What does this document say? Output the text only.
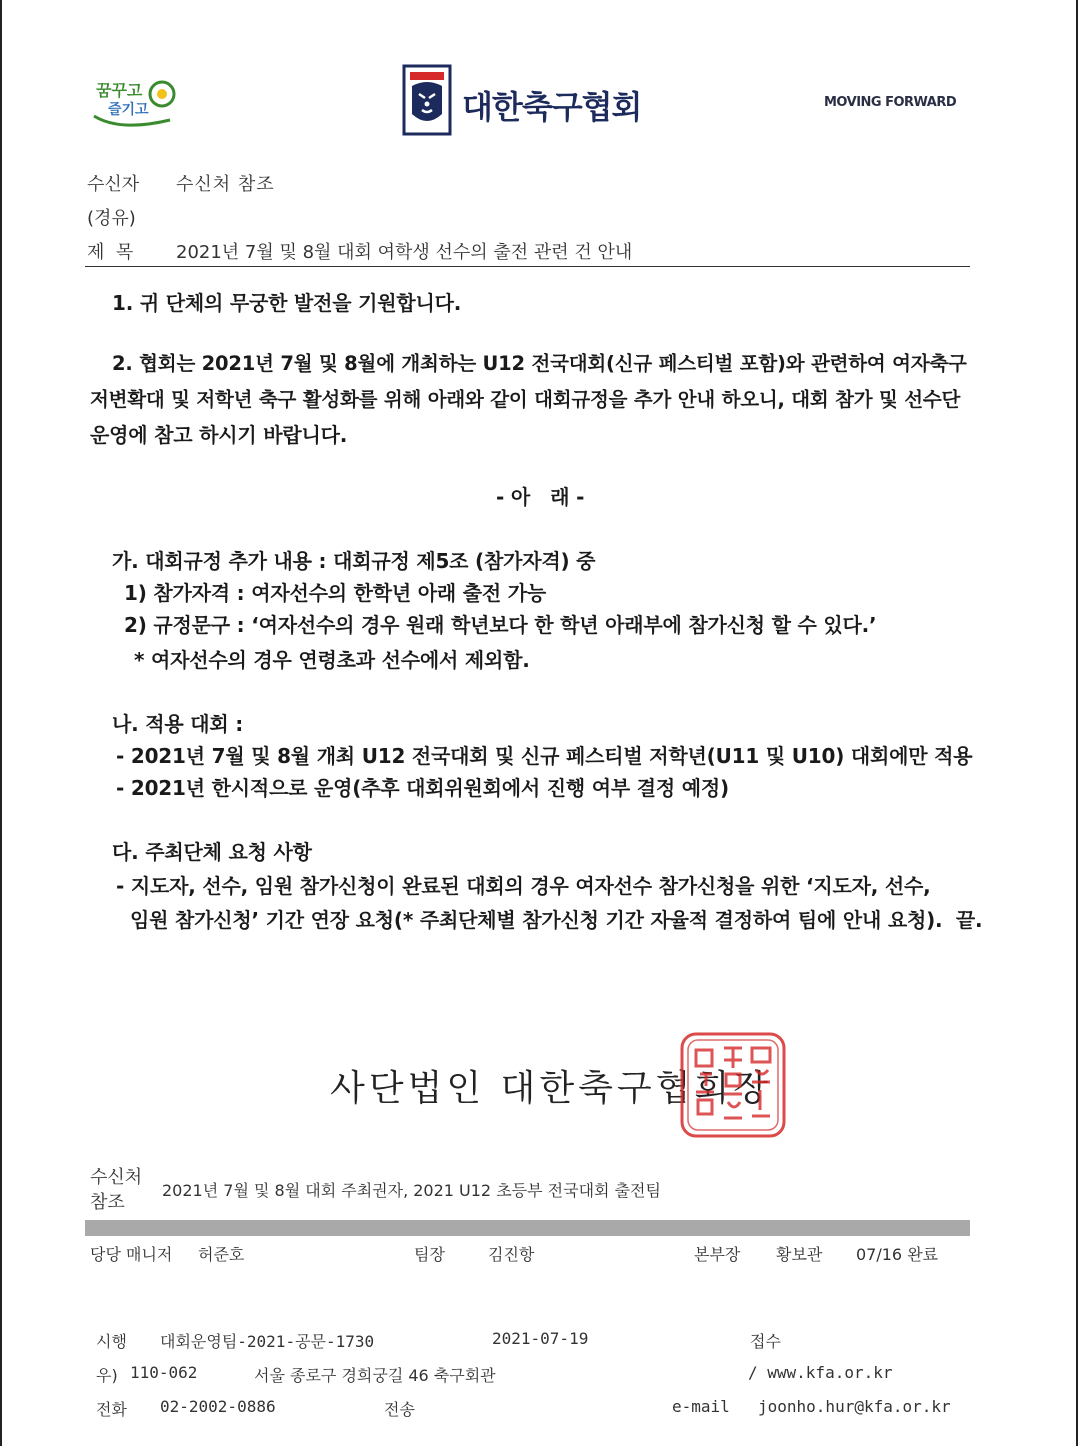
꿈꾸고
즐기고	대한축구협회	MOVING FORWARD
수신자 수신처 참조
(경유)
제  목 2021년 7월 및 8월 대회 여학생 선수의 출전 관련 건 안내
1. 귀 단체의 무궁한 발전을 기원합니다.
2. 협회는 2021년 7월 및 8월에 개최하는 U12 전국대회(신규 페스티벌 포함)와 관련하여 여자축구
저변확대 및 저학년 축구 활성화를 위해 아래와 같이 대회규정을 추가 안내 하오니, 대회 참가 및 선수단
운영에 참고 하시기 바랍니다.
- 아   래 -
가. 대회규정 추가 내용 : 대회규정 제5조 (참가자격) 중
1) 참가자격 : 여자선수의 한학년 아래 출전 가능
2) 규정문구 : ‘여자선수의 경우 원래 학년보다 한 학년 아래부에 참가신청 할 수 있다.’
* 여자선수의 경우 연령초과 선수에서 제외함.
나. 적용 대회 :
- 2021년 7월 및 8월 개최 U12 전국대회 및 신규 페스티벌 저학년(U11 및 U10) 대회에만 적용
- 2021년 한시적으로 운영(추후 대회위원회에서 진행 여부 결정 예정)
다. 주최단체 요청 사항
- 지도자, 선수, 임원 참가신청이 완료된 대회의 경우 여자선수 참가신청을 위한 ‘지도자, 선수,
임원 참가신청’ 기간 연장 요청(* 주최단체별 참가신청 기간 자율적 결정하여 팀에 안내 요청).  끝.
사단법인 대한축구협회장
수신처
참조
2021년 7월 및 8월 대회 주최권자, 2021 U12 초등부 전국대회 출전팀
당당 매니저 허준호	팀장	김진항	본부장 황보관 07/16 완료
시행 대회운영팀-2021-공문-1730	2021-07-19	접수
우) 110-062	서울 종로구 경희궁길 46 축구회관	/ www.kfa.or.kr
전화 02-2002-0886	전송	e-mail joonho.hur@kfa.or.kr
